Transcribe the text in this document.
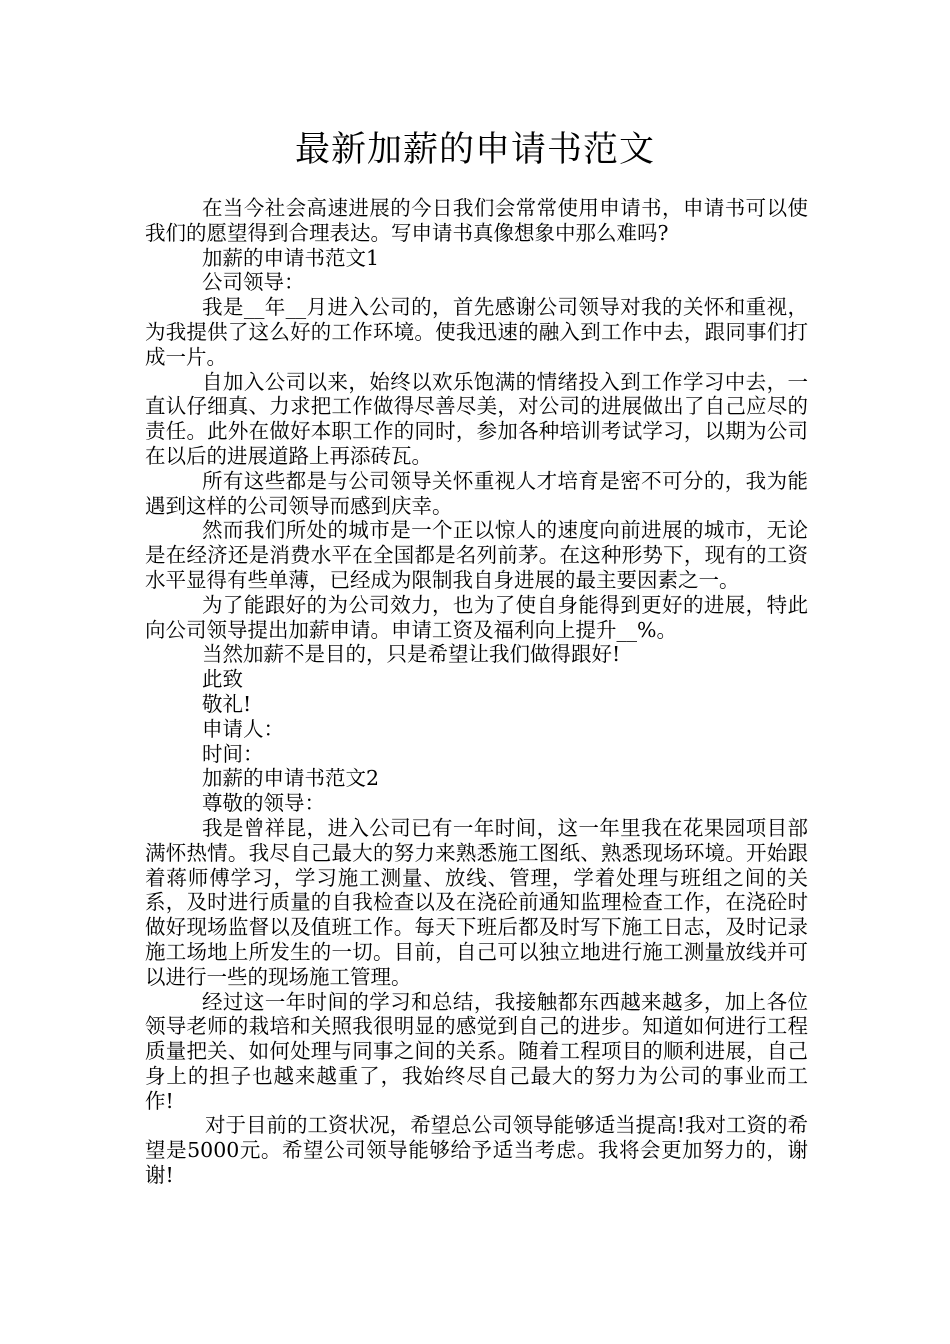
最新加薪的申请书范文

在当今社会高速进展的今日我们会常常使用申请书，申请书可以使我们的愿望得到合理表达。写申请书真像想象中那么难吗?

加薪的申请书范文1

公司领导：

我是__年__月进入公司的，首先感谢公司领导对我的关怀和重视，为我提供了这么好的工作环境。使我迅速的融入到工作中去，跟同事们打成一片。

自加入公司以来，始终以欢乐饱满的情绪投入到工作学习中去，一直认仔细真、力求把工作做得尽善尽美，对公司的进展做出了自己应尽的责任。此外在做好本职工作的同时，参加各种培训考试学习，以期为公司在以后的进展道路上再添砖瓦。

所有这些都是与公司领导关怀重视人才培育是密不可分的，我为能遇到这样的公司领导而感到庆幸。

然而我们所处的城市是一个正以惊人的速度向前进展的城市，无论是在经济还是消费水平在全国都是名列前茅。在这种形势下，现有的工资水平显得有些单薄，已经成为限制我自身进展的最主要因素之一。

为了能跟好的为公司效力，也为了使自身能得到更好的进展，特此向公司领导提出加薪申请。申请工资及福利向上提升__%。

当然加薪不是目的，只是希望让我们做得跟好!

此致

敬礼!

申请人：

时间：

加薪的申请书范文2

尊敬的领导：

我是曾祥昆，进入公司已有一年时间，这一年里我在花果园项目部满怀热情。我尽自己最大的努力来熟悉施工图纸、熟悉现场环境。开始跟着蒋师傅学习，学习施工测量、放线、管理，学着处理与班组之间的关系，及时进行质量的自我检查以及在浇砼前通知监理检查工作，在浇砼时做好现场监督以及值班工作。每天下班后都及时写下施工日志，及时记录施工场地上所发生的一切。目前，自己可以独立地进行施工测量放线并可以进行一些的现场施工管理。

经过这一年时间的学习和总结，我接触都东西越来越多，加上各位领导老师的栽培和关照我很明显的感觉到自己的进步。知道如何进行工程质量把关、如何处理与同事之间的关系。随着工程项目的顺利进展，自己身上的担子也越来越重了，我始终尽自己最大的努力为公司的事业而工作!

对于目前的工资状况，希望总公司领导能够适当提高!我对工资的希望是5000元。希望公司领导能够给予适当考虑。我将会更加努力的，谢谢!
